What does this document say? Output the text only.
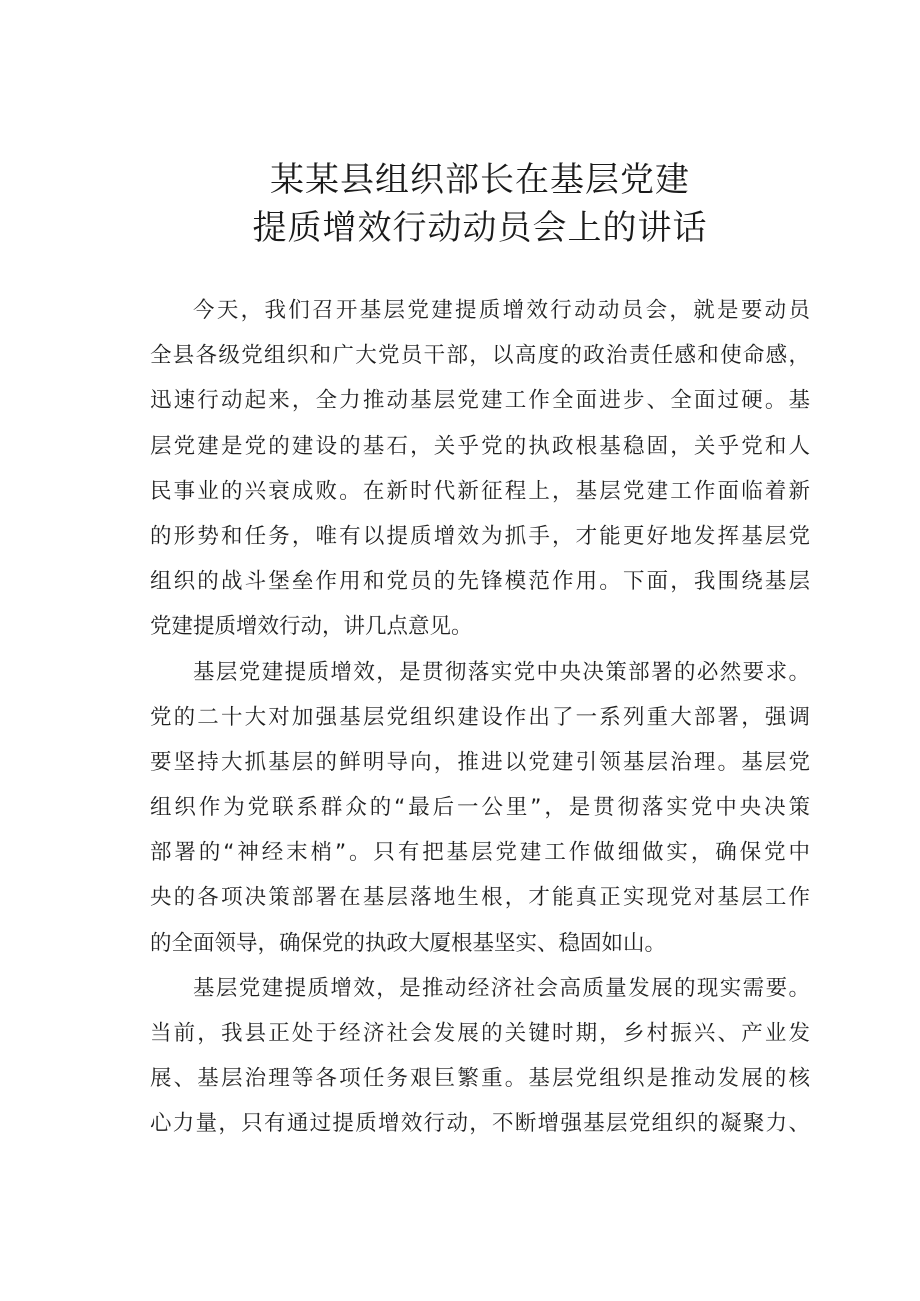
某某县组织部长在基层党建
提质增效行动动员会上的讲话
今天，我们召开基层党建提质增效行动动员会，就是要动员
全县各级党组织和广大党员干部，以高度的政治责任感和使命感，
迅速行动起来，全力推动基层党建工作全面进步、全面过硬。基
层党建是党的建设的基石，关乎党的执政根基稳固，关乎党和人
民事业的兴衰成败。在新时代新征程上，基层党建工作面临着新
的形势和任务，唯有以提质增效为抓手，才能更好地发挥基层党
组织的战斗堡垒作用和党员的先锋模范作用。下面，我围绕基层
党建提质增效行动，讲几点意见。
基层党建提质增效，是贯彻落实党中央决策部署的必然要求。
党的二十大对加强基层党组织建设作出了一系列重大部署，强调
要坚持大抓基层的鲜明导向，推进以党建引领基层治理。基层党
组织作为党联系群众的“最后一公里”，是贯彻落实党中央决策
部署的“神经末梢”。只有把基层党建工作做细做实，确保党中
央的各项决策部署在基层落地生根，才能真正实现党对基层工作
的全面领导，确保党的执政大厦根基坚实、稳固如山。
基层党建提质增效，是推动经济社会高质量发展的现实需要。
当前，我县正处于经济社会发展的关键时期，乡村振兴、产业发
展、基层治理等各项任务艰巨繁重。基层党组织是推动发展的核
心力量，只有通过提质增效行动，不断增强基层党组织的凝聚力、
